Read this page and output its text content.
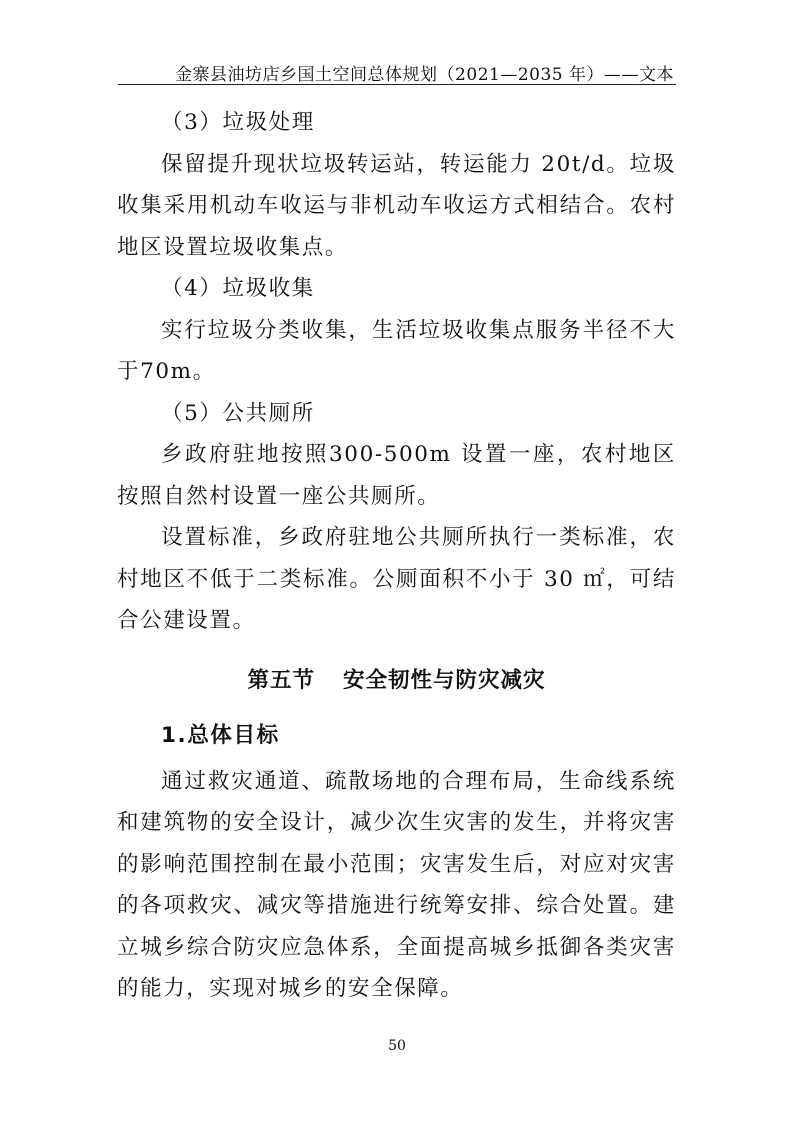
金寨县油坊店乡国土空间总体规划（2021—2035 年）——文本

（3）垃圾处理

保留提升现状垃圾转运站，转运能力 20t/d。垃圾收集采用机动车收运与非机动车收运方式相结合。农村地区设置垃圾收集点。

（4）垃圾收集

实行垃圾分类收集，生活垃圾收集点服务半径不大于70m。

（5）公共厕所

乡政府驻地按照300-500m 设置一座，农村地区按照自然村设置一座公共厕所。

设置标准，乡政府驻地公共厕所执行一类标准，农村地区不低于二类标准。公厕面积不小于 30 ㎡，可结合公建设置。

第五节 安全韧性与防灾减灾

1.总体目标

通过救灾通道、疏散场地的合理布局，生命线系统和建筑物的安全设计，减少次生灾害的发生，并将灾害的影响范围控制在最小范围；灾害发生后，对应对灾害的各项救灾、减灾等措施进行统筹安排、综合处置。建立城乡综合防灾应急体系，全面提高城乡抵御各类灾害的能力，实现对城乡的安全保障。

50
